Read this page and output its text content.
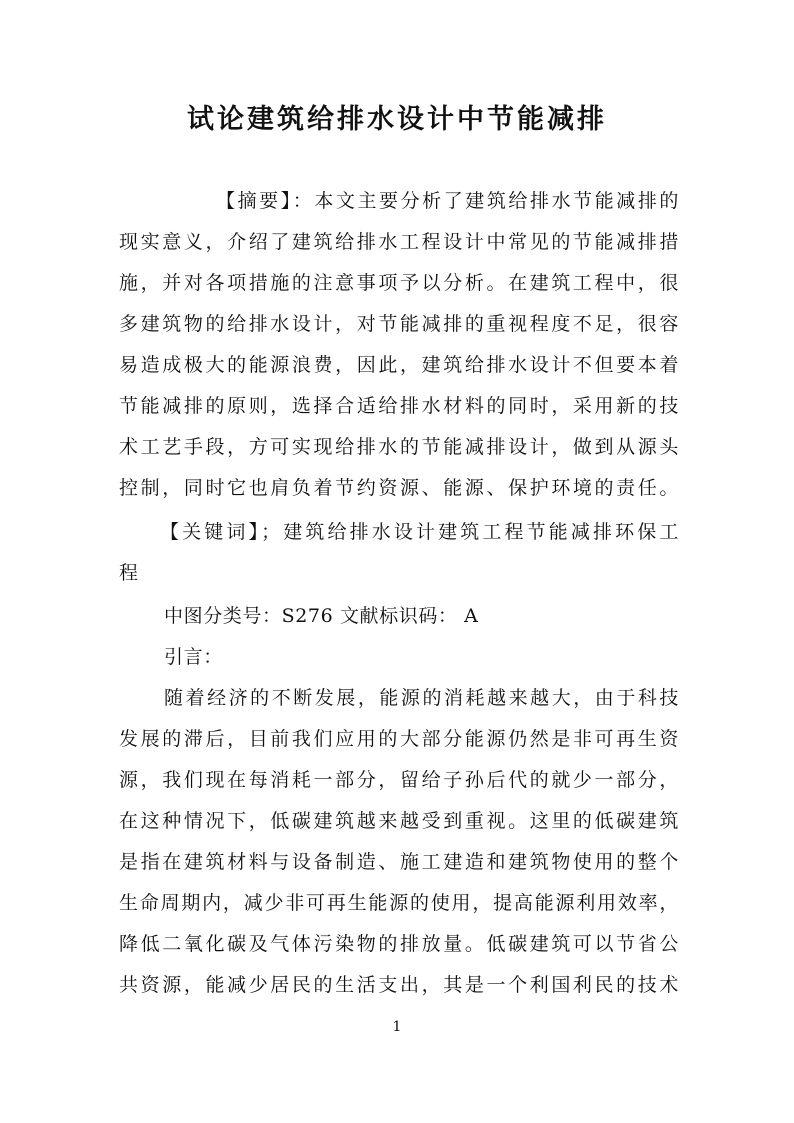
试论建筑给排水设计中节能减排
【摘要】：本文主要分析了建筑给排水节能减排的
现实意义，介绍了建筑给排水工程设计中常见的节能减排措
施，并对各项措施的注意事项予以分析。在建筑工程中，很
多建筑物的给排水设计，对节能减排的重视程度不足，很容
易造成极大的能源浪费，因此，建筑给排水设计不但要本着
节能减排的原则，选择合适给排水材料的同时，采用新的技
术工艺手段，方可实现给排水的节能减排设计，做到从源头
控制，同时它也肩负着节约资源、能源、保护环境的责任。
【关键词】；建筑给排水设计建筑工程节能减排环保工
程
中图分类号：S276 文献标识码： A
引言：
随着经济的不断发展，能源的消耗越来越大，由于科技
发展的滞后，目前我们应用的大部分能源仍然是非可再生资
源，我们现在每消耗一部分，留给子孙后代的就少一部分，
在这种情况下，低碳建筑越来越受到重视。这里的低碳建筑
是指在建筑材料与设备制造、施工建造和建筑物使用的整个
生命周期内，减少非可再生能源的使用，提高能源利用效率，
降低二氧化碳及气体污染物的排放量。低碳建筑可以节省公
共资源，能减少居民的生活支出，其是一个利国利民的技术
1
